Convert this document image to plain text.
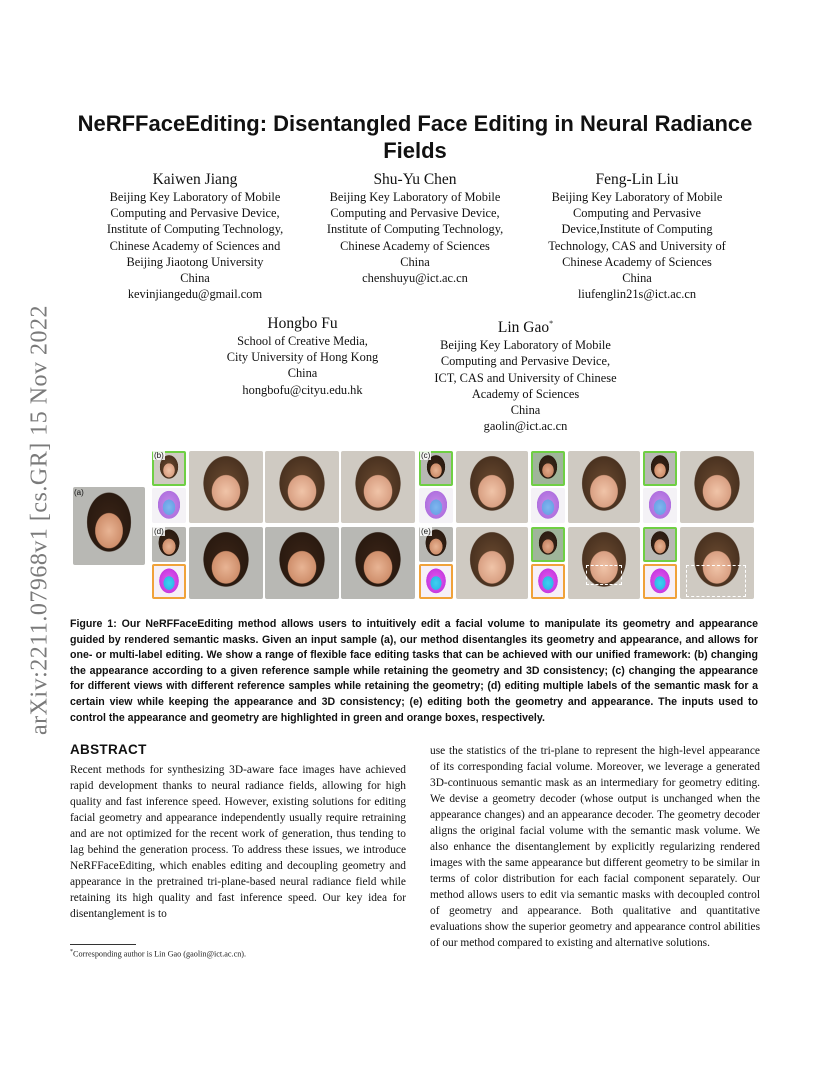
arXiv:2211.07968v1 [cs.GR] 15 Nov 2022
NeRFFaceEditing: Disentangled Face Editing in Neural Radiance Fields
Kaiwen Jiang
Beijing Key Laboratory of Mobile
Computing and Pervasive Device,
Institute of Computing Technology,
Chinese Academy of Sciences and
Beijing Jiaotong University
China
kevinjiangedu@gmail.com
Shu-Yu Chen
Beijing Key Laboratory of Mobile
Computing and Pervasive Device,
Institute of Computing Technology,
Chinese Academy of Sciences
China
chenshuyu@ict.ac.cn
Feng-Lin Liu
Beijing Key Laboratory of Mobile
Computing and Pervasive
Device,Institute of Computing
Technology, CAS and University of
Chinese Academy of Sciences
China
liufenglin21s@ict.ac.cn
Hongbo Fu
School of Creative Media,
City University of Hong Kong
China
hongbofu@cityu.edu.hk
Lin Gao*
Beijing Key Laboratory of Mobile
Computing and Pervasive Device,
ICT, CAS and University of Chinese
Academy of Sciences
China
gaolin@ict.ac.cn
(a)
(b)	(c)
(d)	(e)

Figure 1: Our NeRFFaceEditing method allows users to intuitively edit a facial volume to manipulate its geometry and appearance guided by rendered semantic masks. Given an input sample (a), our method disentangles its geometry and appearance, and allows for one- or multi-label editing. We show a range of flexible face editing tasks that can be achieved with our unified framework: (b) changing the appearance according to a given reference sample while retaining the geometry and 3D consistency; (c) changing the appearance for different views with different reference samples while retaining the geometry; (d) editing multiple labels of the semantic mask for a certain view while keeping the appearance and 3D consistency; (e) editing both the geometry and appearance. The inputs used to control the appearance and geometry are highlighted in green and orange boxes, respectively.

ABSTRACT

Recent methods for synthesizing 3D-aware face images have achieved rapid development thanks to neural radiance fields, allowing for high quality and fast inference speed. However, existing solutions for editing facial geometry and appearance independently usually require retraining and are not optimized for the recent work of generation, thus tending to lag behind the generation process. To address these issues, we introduce NeRFFaceEditing, which enables editing and decoupling geometry and appearance in the pretrained tri-plane-based neural radiance field while retaining its high quality and fast inference speed. Our key idea for disentanglement is to

use the statistics of the tri-plane to represent the high-level appearance of its corresponding facial volume. Moreover, we leverage a generated 3D-continuous semantic mask as an intermediary for geometry editing. We devise a geometry decoder (whose output is unchanged when the appearance changes) and an appearance decoder. The geometry decoder aligns the original facial volume with the semantic mask volume. We also enhance the disentanglement by explicitly regularizing rendered images with the same appearance but different geometry to be similar in terms of color distribution for each facial component separately. Our method allows users to edit via semantic masks with decoupled control of geometry and appearance. Both qualitative and quantitative evaluations show the superior geometry and appearance control abilities of our method compared to existing and alternative solutions.

*Corresponding author is Lin Gao (gaolin@ict.ac.cn).
